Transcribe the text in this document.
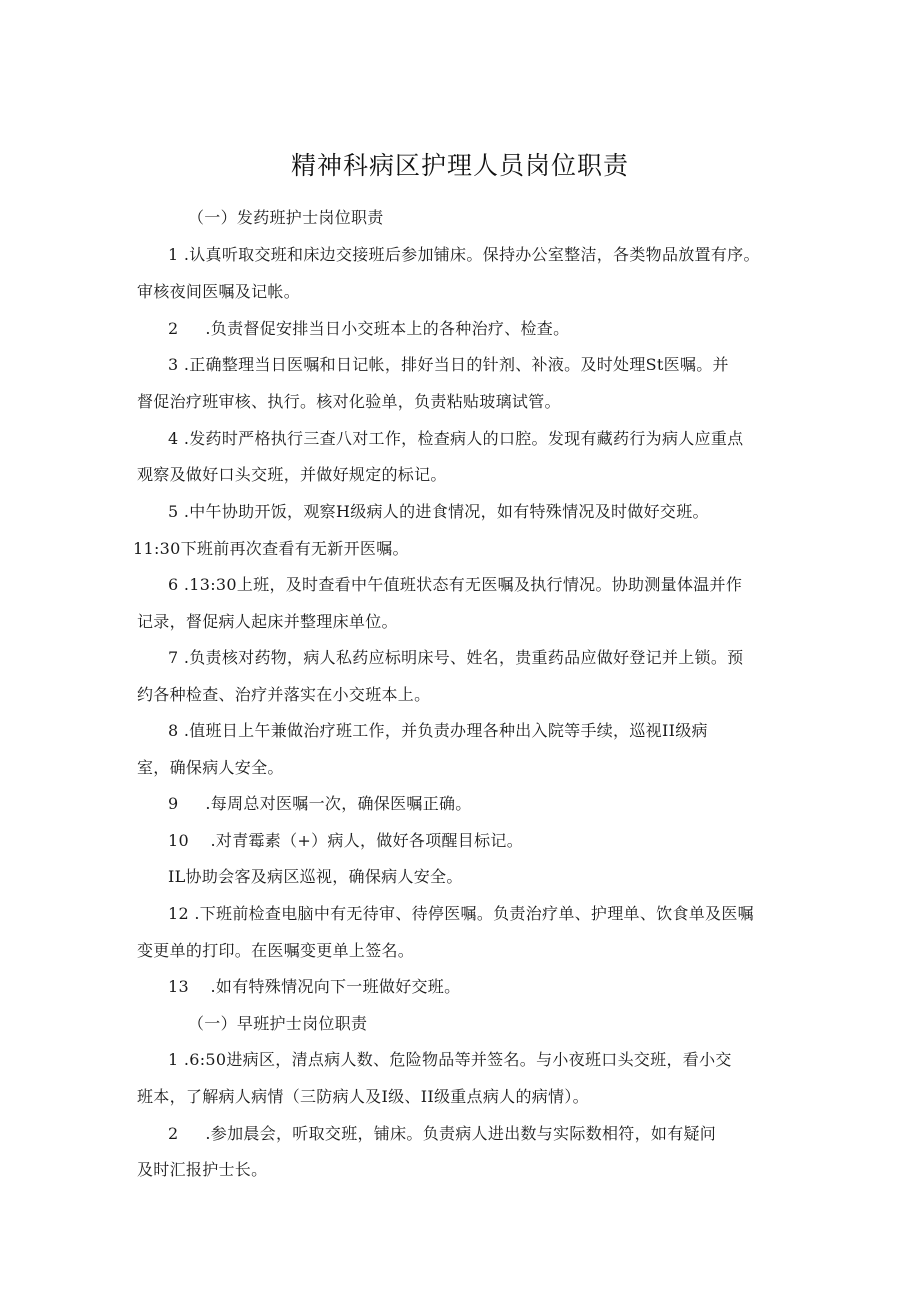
精神科病区护理人员岗位职责
（一）发药班护士岗位职责
1 .认真听取交班和床边交接班后参加铺床。保持办公室整洁，各类物品放置有序。
审核夜间医嘱及记帐。
2     .负责督促安排当日小交班本上的各种治疗、检查。
3 .正确整理当日医嘱和日记帐，排好当日的针剂、补液。及时处理St医嘱。并
督促治疗班审核、执行。核对化验单，负责粘贴玻璃试管。
4 .发药时严格执行三查八对工作，检查病人的口腔。发现有藏药行为病人应重点
观察及做好口头交班，并做好规定的标记。
5 .中午协助开饭，观察H级病人的进食情况，如有特殊情况及时做好交班。
11:30下班前再次查看有无新开医嘱。
6 .13:30上班，及时查看中午值班状态有无医嘱及执行情况。协助测量体温并作
记录，督促病人起床并整理床单位。
7 .负责核对药物，病人私药应标明床号、姓名，贵重药品应做好登记并上锁。预
约各种检查、治疗并落实在小交班本上。
8 .值班日上午兼做治疗班工作，并负责办理各种出入院等手续，巡视II级病
室，确保病人安全。
9     .每周总对医嘱一次，确保医嘱正确。
10    .对青霉素（+）病人，做好各项醒目标记。
IL协助会客及病区巡视，确保病人安全。
12 .下班前检查电脑中有无待审、待停医嘱。负责治疗单、护理单、饮食单及医嘱
变更单的打印。在医嘱变更单上签名。
13    .如有特殊情况向下一班做好交班。
（一）早班护士岗位职责
1 .6:50进病区，清点病人数、危险物品等并签名。与小夜班口头交班，看小交
班本，了解病人病情（三防病人及I级、II级重点病人的病情）。
2     .参加晨会，听取交班，铺床。负责病人进出数与实际数相符，如有疑问
及时汇报护士长。
